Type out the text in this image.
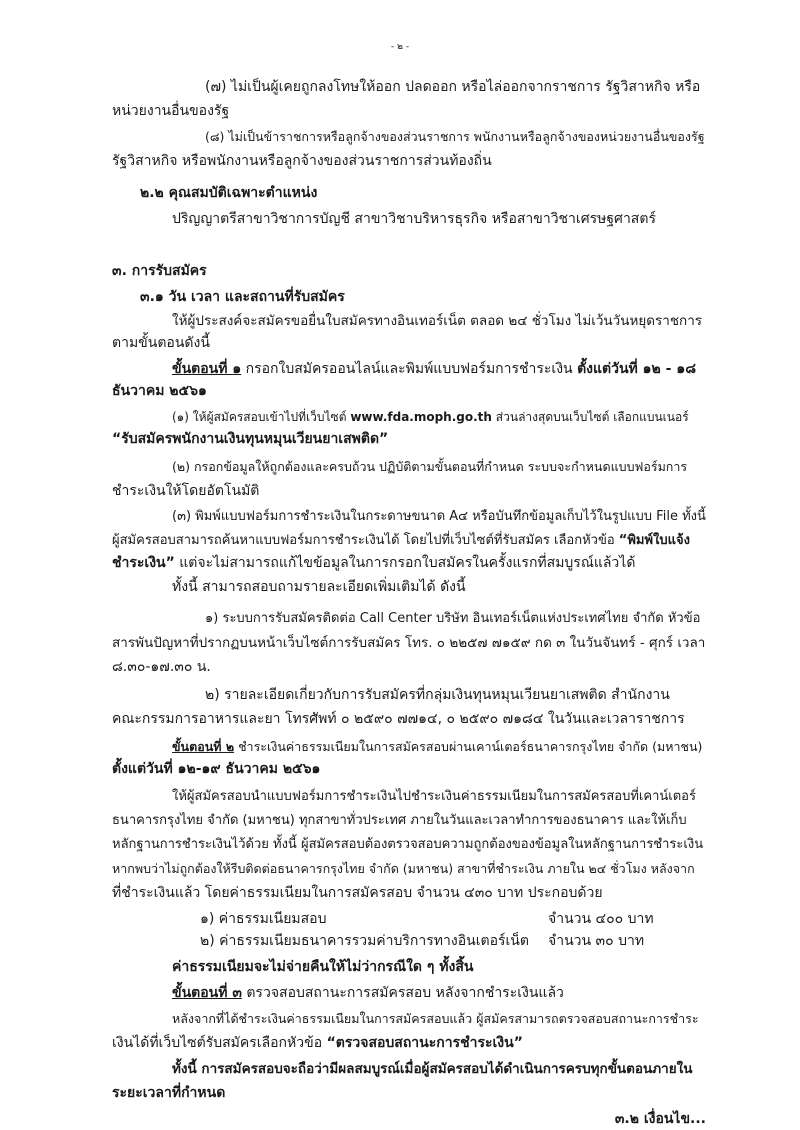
- ๒ -
(๗) ไม่เป็นผู้เคยถูกลงโทษให้ออก ปลดออก หรือไล่ออกจากราชการ รัฐวิสาหกิจ หรือ
หน่วยงานอื่นของรัฐ
(๘) ไม่เป็นข้าราชการหรือลูกจ้างของส่วนราชการ พนักงานหรือลูกจ้างของหน่วยงานอื่นของรัฐ
รัฐวิสาหกิจ หรือพนักงานหรือลูกจ้างของส่วนราชการส่วนท้องถิ่น
๒.๒ คุณสมบัติเฉพาะตำแหน่ง
ปริญญาตรีสาขาวิชาการบัญชี สาขาวิชาบริหารธุรกิจ หรือสาขาวิชาเศรษฐศาสตร์
๓. การรับสมัคร
๓.๑ วัน เวลา และสถานที่รับสมัคร
ให้ผู้ประสงค์จะสมัครขอยื่นใบสมัครทางอินเทอร์เน็ต ตลอด ๒๔ ชั่วโมง ไม่เว้นวันหยุดราชการ
ตามขั้นตอนดังนี้
ขั้นตอนที่ ๑ กรอกใบสมัครออนไลน์และพิมพ์แบบฟอร์มการชำระเงิน ตั้งแต่วันที่ ๑๒ - ๑๘
ธันวาคม ๒๕๖๑
(๑) ให้ผู้สมัครสอบเข้าไปที่เว็บไซต์ www.fda.moph.go.th ส่วนล่างสุดบนเว็บไซต์ เลือกแบนเนอร์
“รับสมัครพนักงานเงินทุนหมุนเวียนยาเสพติด”
(๒) กรอกข้อมูลให้ถูกต้องและครบถ้วน ปฏิบัติตามขั้นตอนที่กำหนด ระบบจะกำหนดแบบฟอร์มการ
ชำระเงินให้โดยอัตโนมัติ
(๓) พิมพ์แบบฟอร์มการชำระเงินในกระดาษขนาด A๔ หรือบันทึกข้อมูลเก็บไว้ในรูปแบบ File ทั้งนี้
ผู้สมัครสอบสามารถค้นหาแบบฟอร์มการชำระเงินได้ โดยไปที่เว็บไซต์ที่รับสมัคร เลือกหัวข้อ “พิมพ์ใบแจ้ง
ชำระเงิน” แต่จะไม่สามารถแก้ไขข้อมูลในการกรอกใบสมัครในครั้งแรกที่สมบูรณ์แล้วได้
ทั้งนี้ สามารถสอบถามรายละเอียดเพิ่มเติมได้ ดังนี้
๑) ระบบการรับสมัครติดต่อ Call Center บริษัท อินเทอร์เน็ตแห่งประเทศไทย จำกัด หัวข้อ
สารพันปัญหาที่ปรากฏบนหน้าเว็บไซต์การรับสมัคร โทร. ๐ ๒๒๕๗ ๗๑๕๙ กด ๓ ในวันจันทร์ - ศุกร์ เวลา
๘.๓๐-๑๗.๓๐ น.
๒) รายละเอียดเกี่ยวกับการรับสมัครที่กลุ่มเงินทุนหมุนเวียนยาเสพติด สำนักงาน
คณะกรรมการอาหารและยา โทรศัพท์ ๐ ๒๕๙๐ ๗๗๑๔, ๐ ๒๕๙๐ ๗๑๘๔ ในวันและเวลาราชการ
ขั้นตอนที่ ๒ ชำระเงินค่าธรรมเนียมในการสมัครสอบผ่านเคาน์เตอร์ธนาคารกรุงไทย จำกัด (มหาชน)
ตั้งแต่วันที่ ๑๒-๑๙ ธันวาคม ๒๕๖๑
ให้ผู้สมัครสอบนำแบบฟอร์มการชำระเงินไปชำระเงินค่าธรรมเนียมในการสมัครสอบที่เคาน์เตอร์
ธนาคารกรุงไทย จำกัด (มหาชน) ทุกสาขาทั่วประเทศ ภายในวันและเวลาทำการของธนาคาร และให้เก็บ
หลักฐานการชำระเงินไว้ด้วย ทั้งนี้ ผู้สมัครสอบต้องตรวจสอบความถูกต้องของข้อมูลในหลักฐานการชำระเงิน
หากพบว่าไม่ถูกต้องให้รีบติดต่อธนาคารกรุงไทย จำกัด (มหาชน) สาขาที่ชำระเงิน ภายใน ๒๔ ชั่วโมง หลังจาก
ที่ชำระเงินแล้ว โดยค่าธรรมเนียมในการสมัครสอบ จำนวน ๔๓๐ บาท ประกอบด้วย
๑) ค่าธรรมเนียมสอบ	จำนวน ๔๐๐ บาท
๒) ค่าธรรมเนียมธนาคารรวมค่าบริการทางอินเตอร์เน็ต จำนวน ๓๐ บาท
ค่าธรรมเนียมจะไม่จ่ายคืนให้ไม่ว่ากรณีใด ๆ ทั้งสิ้น
ขั้นตอนที่ ๓ ตรวจสอบสถานะการสมัครสอบ หลังจากชำระเงินแล้ว
หลังจากที่ได้ชำระเงินค่าธรรมเนียมในการสมัครสอบแล้ว ผู้สมัครสามารถตรวจสอบสถานะการชำระ
เงินได้ที่เว็บไซต์รับสมัครเลือกหัวข้อ “ตรวจสอบสถานะการชำระเงิน”
ทั้งนี้ การสมัครสอบจะถือว่ามีผลสมบูรณ์เมื่อผู้สมัครสอบได้ดำเนินการครบทุกขั้นตอนภายใน
ระยะเวลาที่กำหนด
๓.๒ เงื่อนไข...
